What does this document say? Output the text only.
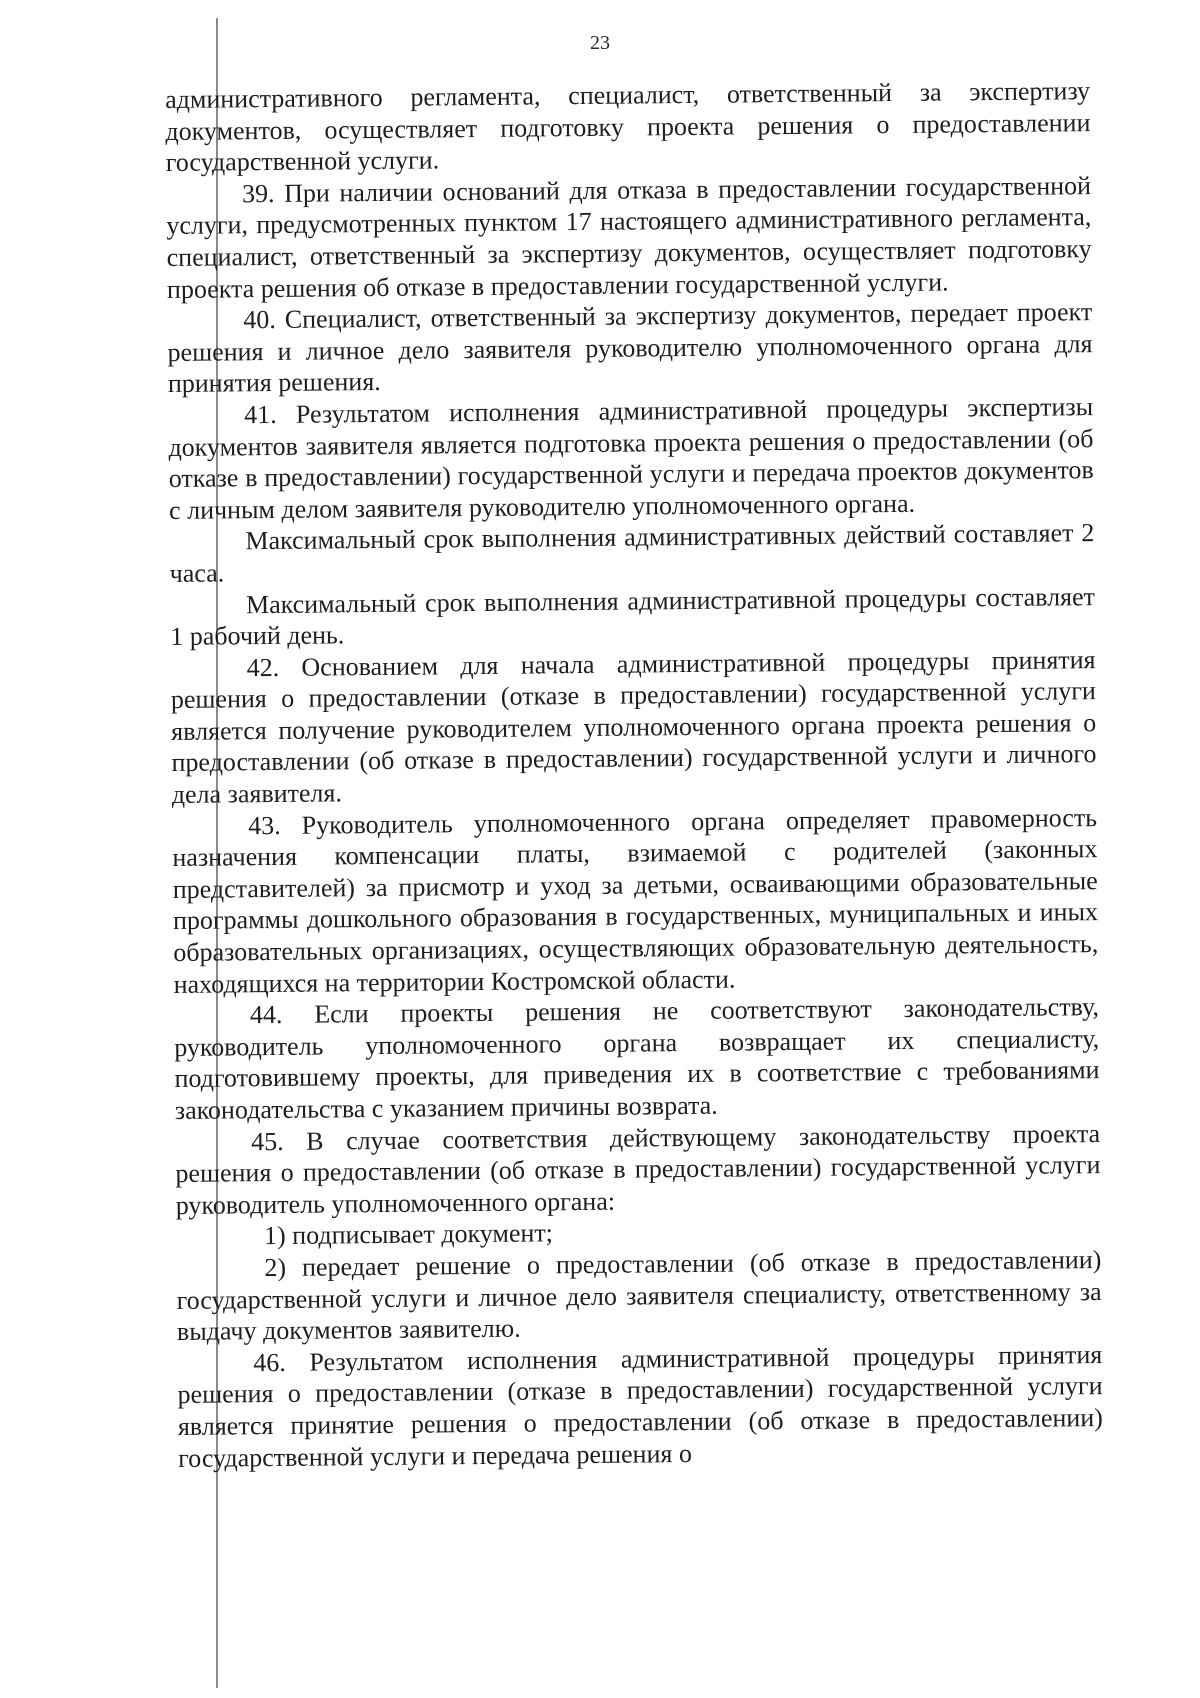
23

административного регламента, специалист, ответственный за экспертизу документов, осуществляет подготовку проекта решения о предоставлении государственной услуги.

39. При наличии оснований для отказа в предоставлении государственной услуги, предусмотренных пунктом 17 настоящего административного регламента, специалист, ответственный за экспертизу документов, осуществляет подготовку проекта решения об отказе в предоставлении государственной услуги.

40. Специалист, ответственный за экспертизу документов, передает проект решения и личное дело заявителя руководителю уполномоченного органа для принятия решения.

41. Результатом исполнения административной процедуры экспертизы документов заявителя является подготовка проекта решения о предоставлении (об отказе в предоставлении) государственной услуги и передача проектов документов с личным делом заявителя руководителю уполномоченного органа.

Максимальный срок выполнения административных действий составляет 2 часа.

Максимальный срок выполнения административной процедуры составляет 1 рабочий день.

42. Основанием для начала административной процедуры принятия решения о предоставлении (отказе в предоставлении) государственной услуги является получение руководителем уполномоченного органа проекта решения о предоставлении (об отказе в предоставлении) государственной услуги и личного дела заявителя.

43. Руководитель уполномоченного органа определяет правомерность назначения компенсации платы, взимаемой с родителей (законных представителей) за присмотр и уход за детьми, осваивающими образовательные программы дошкольного образования в государственных, муниципальных и иных образовательных организациях, осуществляющих образовательную деятельность, находящихся на территории Костромской области.

44. Если проекты решения не соответствуют законодательству, руководитель уполномоченного органа возвращает их специалисту, подготовившему проекты, для приведения их в соответствие с требованиями законодательства с указанием причины возврата.

45. В случае соответствия действующему законодательству проекта решения о предоставлении (об отказе в предоставлении) государственной услуги руководитель уполномоченного органа:

1) подписывает документ;

2) передает решение о предоставлении (об отказе в предоставлении) государственной услуги и личное дело заявителя специалисту, ответственному за выдачу документов заявителю.

46. Результатом исполнения административной процедуры принятия решения о предоставлении (отказе в предоставлении) государственной услуги является принятие решения о предоставлении (об отказе в предоставлении) государственной услуги и передача решения о
